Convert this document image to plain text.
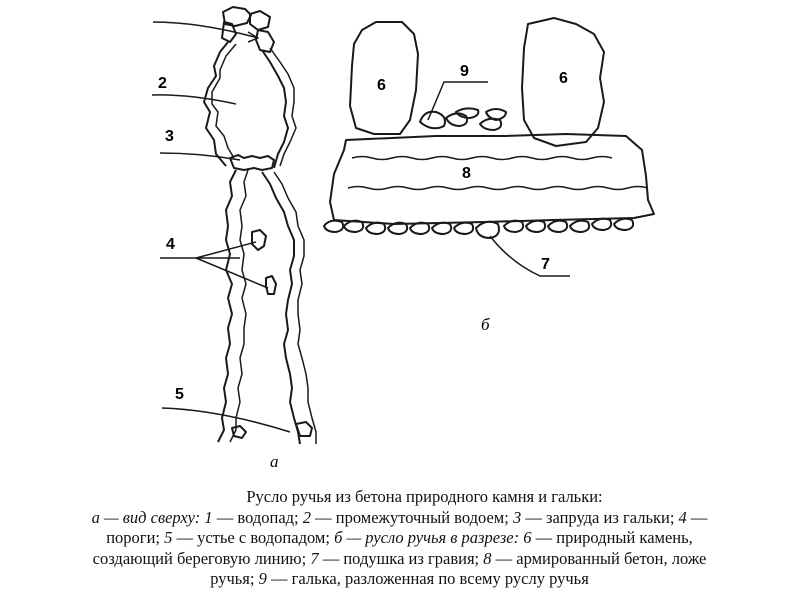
2
3
4
5
а
6	6
9
8
7
б
Русло ручья из бетона природного камня и гальки:
а — вид сверху: 1 — водопад; 2 — промежуточный водоем; 3 — запруда из гальки; 4 —
пороги; 5 — устье с водопадом; б — русло ручья в разрезе: 6 — природный камень,
создающий береговую линию; 7 — подушка из гравия; 8 — армированный бетон, ложе
ручья; 9 — галька, разложенная по всему руслу ручья
